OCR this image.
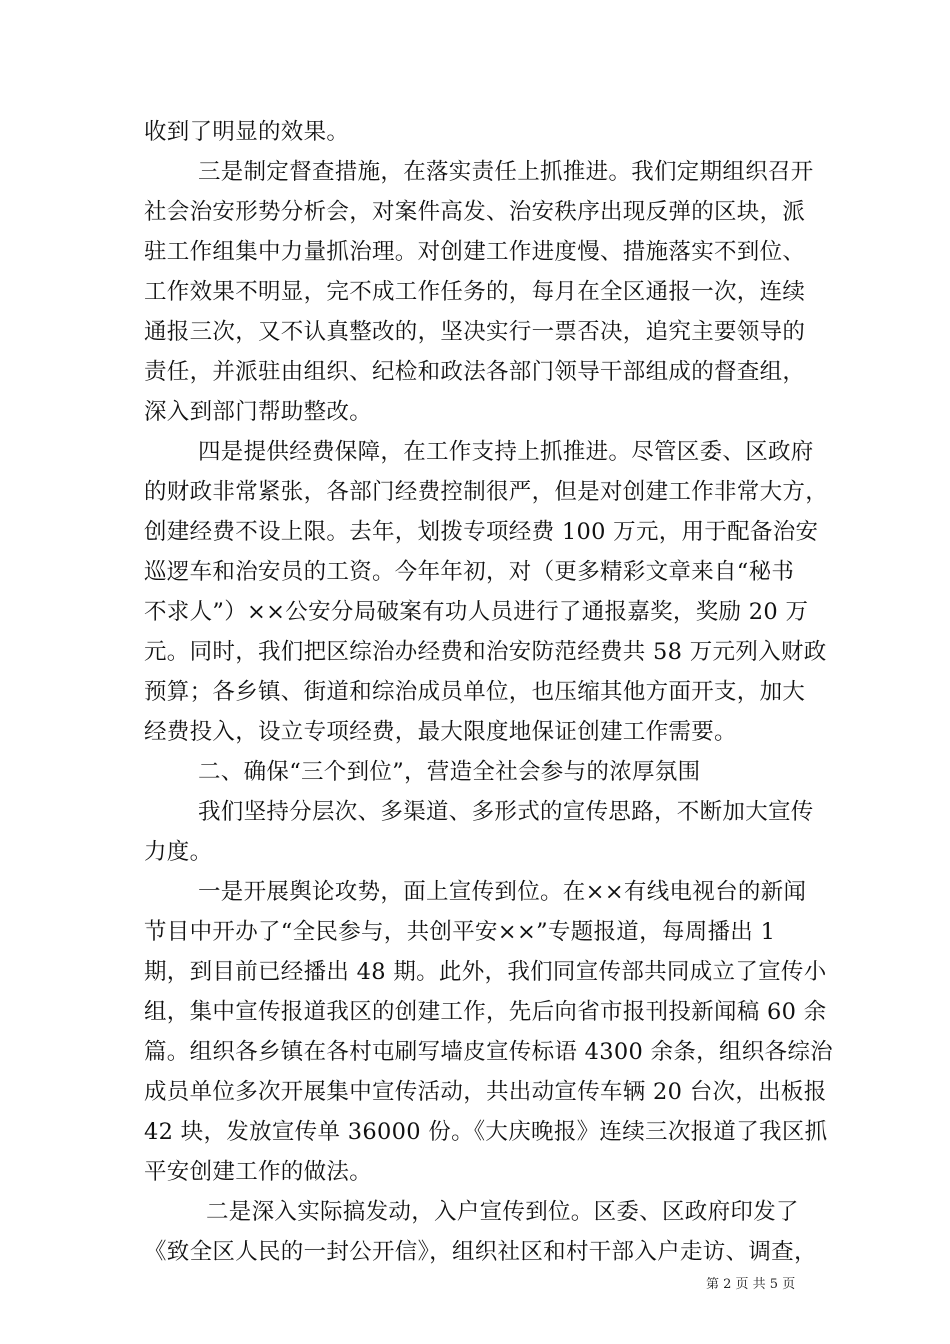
收到了明显的效果。
三是制定督查措施，在落实责任上抓推进。我们定期组织召开
社会治安形势分析会，对案件高发、治安秩序出现反弹的区块，派
驻工作组集中力量抓治理。对创建工作进度慢、措施落实不到位、
工作效果不明显，完不成工作任务的，每月在全区通报一次，连续
通报三次，又不认真整改的，坚决实行一票否决，追究主要领导的
责任，并派驻由组织、纪检和政法各部门领导干部组成的督查组，
深入到部门帮助整改。
四是提供经费保障，在工作支持上抓推进。尽管区委、区政府
的财政非常紧张，各部门经费控制很严，但是对创建工作非常大方，
创建经费不设上限。去年，划拨专项经费 100 万元，用于配备治安
巡逻车和治安员的工资。今年年初，对（更多精彩文章来自“秘书
不求人”）××公安分局破案有功人员进行了通报嘉奖，奖励 20 万
元。同时，我们把区综治办经费和治安防范经费共 58 万元列入财政
预算；各乡镇、街道和综治成员单位，也压缩其他方面开支，加大
经费投入，设立专项经费，最大限度地保证创建工作需要。
二、确保“三个到位”，营造全社会参与的浓厚氛围
我们坚持分层次、多渠道、多形式的宣传思路，不断加大宣传
力度。
一是开展舆论攻势，面上宣传到位。在××有线电视台的新闻
节目中开办了“全民参与，共创平安××”专题报道，每周播出 1
期，到目前已经播出 48 期。此外，我们同宣传部共同成立了宣传小
组，集中宣传报道我区的创建工作，先后向省市报刊投新闻稿 60 余
篇。组织各乡镇在各村屯刷写墙皮宣传标语 4300 余条，组织各综治
成员单位多次开展集中宣传活动，共出动宣传车辆 20 台次，出板报
42 块，发放宣传单 36000 份。《大庆晚报》连续三次报道了我区抓
平安创建工作的做法。
二是深入实际搞发动，入户宣传到位。区委、区政府印发了
《致全区人民的一封公开信》，组织社区和村干部入户走访、调查，
第 2 页 共 5 页
